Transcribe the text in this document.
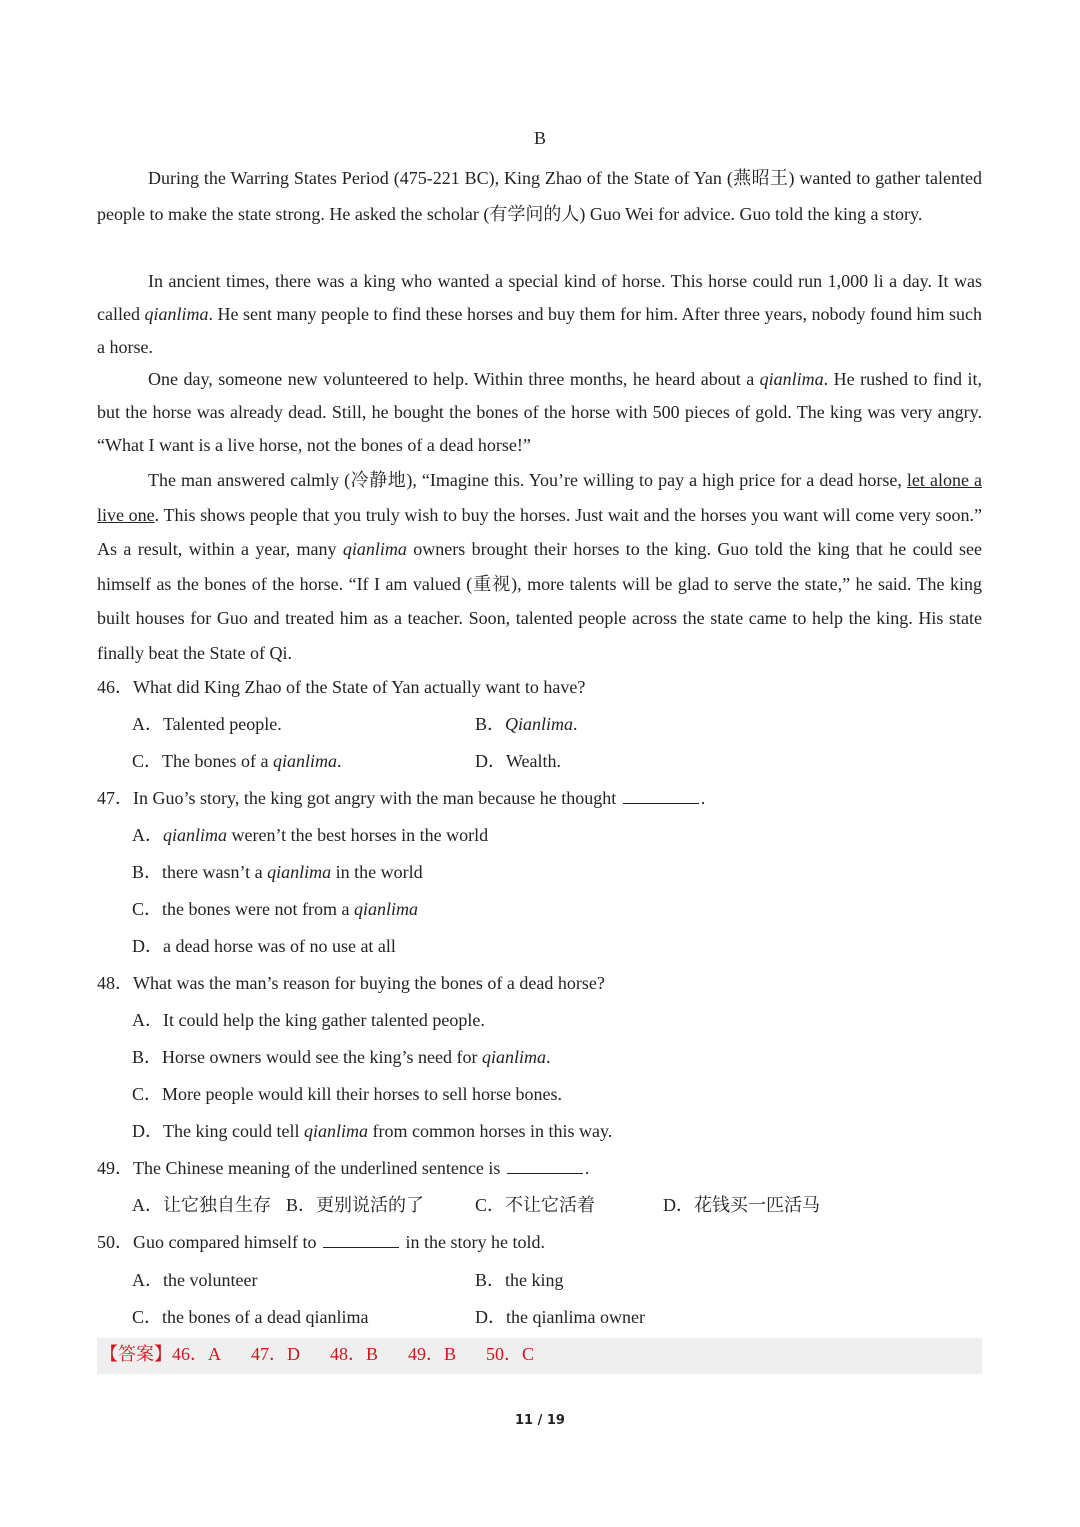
B

During the Warring States Period (475-221 BC), King Zhao of the State of Yan (燕昭王) wanted to gather talented people to make the state strong. He asked the scholar (有学问的人) Guo Wei for advice. Guo told the king a story.

In ancient times, there was a king who wanted a special kind of horse. This horse could run 1,000 li a day. It was called qianlima. He sent many people to find these horses and buy them for him. After three years, nobody found him such a horse.

One day, someone new volunteered to help. Within three months, he heard about a qianlima. He rushed to find it, but the horse was already dead. Still, he bought the bones of the horse with 500 pieces of gold. The king was very angry. “What I want is a live horse, not the bones of a dead horse!”

The man answered calmly (冷静地), “Imagine this. You’re willing to pay a high price for a dead horse, let alone a live one. This shows people that you truly wish to buy the horses. Just wait and the horses you want will come very soon.” As a result, within a year, many qianlima owners brought their horses to the king. Guo told the king that he could see himself as the bones of the horse. “If I am valued (重视), more talents will be glad to serve the state,” he said. The king built houses for Guo and treated him as a teacher. Soon, talented people across the state came to help the king. His state finally beat the State of Qi.

46．What did King Zhao of the State of Yan actually want to have?
A．Talented people.	B．Qianlima.
C．The bones of a qianlima.	D．Wealth.
47．In Guo’s story, the king got angry with the man because he thought	.
A．qianlima weren’t the best horses in the world
B．there wasn’t a qianlima in the world
C．the bones were not from a qianlima
D．a dead horse was of no use at all
48．What was the man’s reason for buying the bones of a dead horse?
A．It could help the king gather talented people.
B．Horse owners would see the king’s need for qianlima.
C．More people would kill their horses to sell horse bones.
D．The king could tell qianlima from common horses in this way.
49．The Chinese meaning of the underlined sentence is	.
A．让它独自生存 B．更别说活的了	C．不让它活着	D．花钱买一匹活马
50．Guo compared himself to	in the story he told.
A．the volunteer	B．the king
C．the bones of a dead qianlima	D．the qianlima owner
【答案】46．A 47．D 48．B 49．B 50．C
11 / 19
